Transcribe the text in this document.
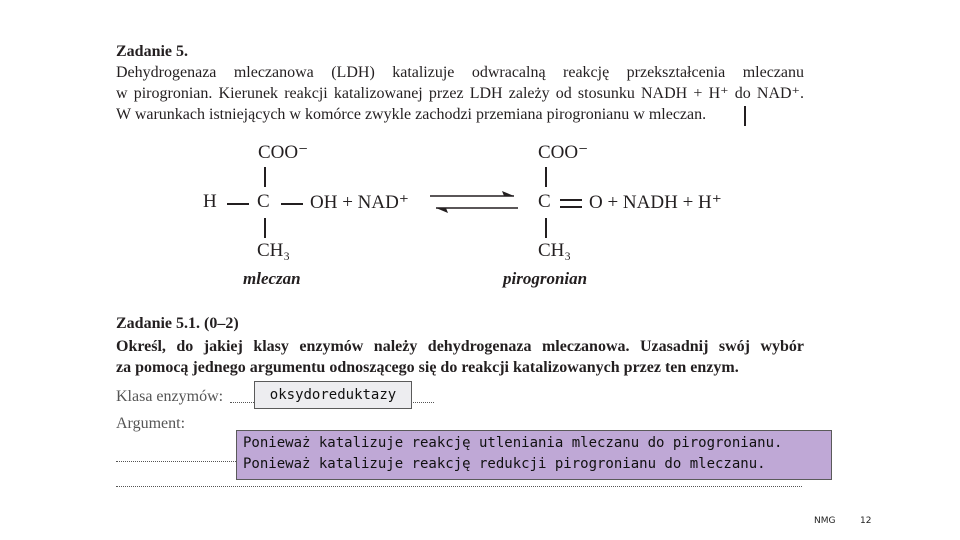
Zadanie 5.
Dehydrogenaza mleczanowa (LDH) katalizuje odwracalną reakcję przekształcenia mleczanu
w pirogronian. Kierunek reakcji katalizowanej przez LDH zależy od stosunku NADH + H⁺ do NAD⁺.
W warunkach istniejących w komórce zwykle zachodzi przemiana pirogronianu w mleczan.
COO⁻
H C OH + NAD⁺
CH₃
mleczan
COO⁻
C O + NADH + H⁺
CH₃
pirogronian
Zadanie 5.1. (0–2)
Określ, do jakiej klasy enzymów należy dehydrogenaza mleczanowa. Uzasadnij swój wybór
za pomocą jednego argumentu odnoszącego się do reakcji katalizowanych przez ten enzym.
Klasa enzymów:	oksydoreduktazy
Argument:
Ponieważ katalizuje reakcję utleniania mleczanu do pirogronianu.
Ponieważ katalizuje reakcję redukcji pirogronianu do mleczanu.
NMG	12
